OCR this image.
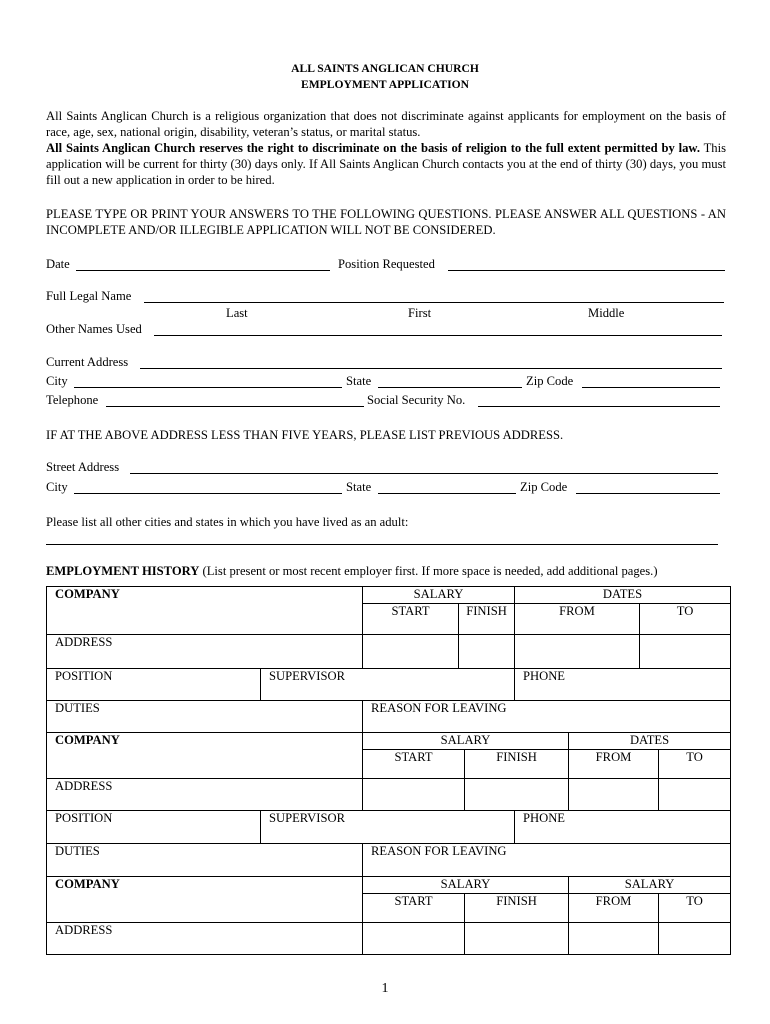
ALL SAINTS ANGLICAN CHURCH
EMPLOYMENT APPLICATION
All Saints Anglican Church is a religious organization that does not discriminate against applicants for employment on the basis of race, age, sex, national origin, disability, veteran’s status, or marital status.
All Saints Anglican Church reserves the right to discriminate on the basis of religion to the full extent permitted by law. This application will be current for thirty (30) days only. If All Saints Anglican Church contacts you at the end of thirty (30) days, you must fill out a new application in order to be hired.
PLEASE TYPE OR PRINT YOUR ANSWERS TO THE FOLLOWING QUESTIONS. PLEASE ANSWER ALL QUESTIONS - AN INCOMPLETE AND/OR ILLEGIBLE APPLICATION WILL NOT BE CONSIDERED.
Date	Position Requested
Full Legal Name
Last	First	Middle
Other Names Used
Current Address
City	State	Zip Code
Telephone	Social Security No.
IF AT THE ABOVE ADDRESS LESS THAN FIVE YEARS, PLEASE LIST PREVIOUS ADDRESS.
Street Address
City	State	Zip Code
Please list all other cities and states in which you have lived as an adult:
EMPLOYMENT HISTORY (List present or most recent employer first. If more space is needed, add additional pages.)
COMPANY		SALARY		DATES	
		START	FINISH	FROM	TO
ADDRESS					
POSITION	SUPERVISOR			PHONE	
DUTIES		REASON FOR LEAVING			
COMPANY		SALARY			DATES	
		START	FINISH		FROM	TO
ADDRESS						
POSITION	SUPERVISOR			PHONE		
DUTIES		REASON FOR LEAVING				
COMPANY	SALARY		SALARY	
	START	FINISH	FROM	TO
ADDRESS				
1
